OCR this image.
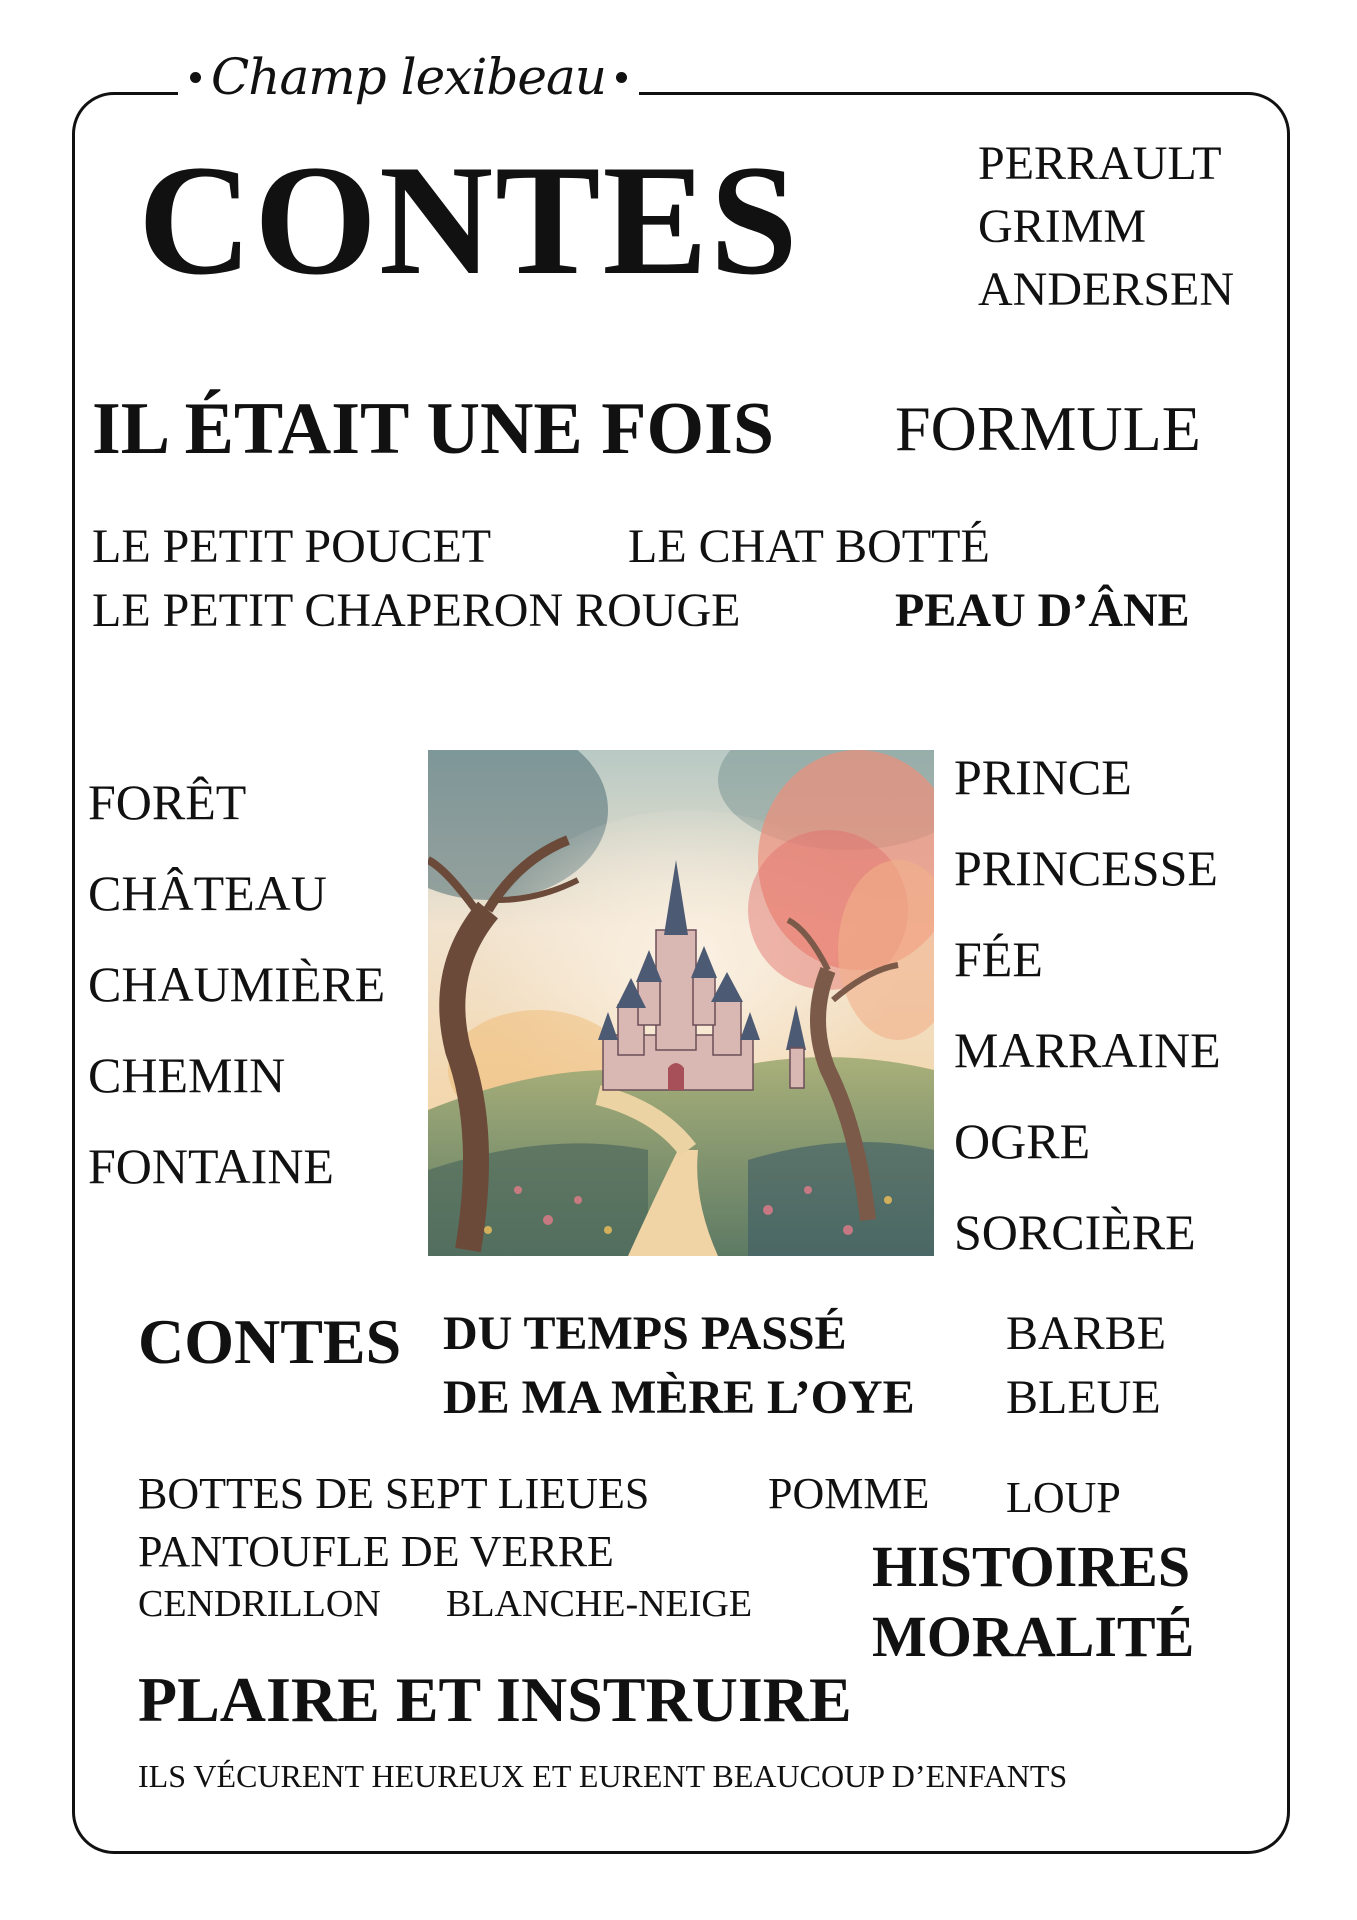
Champ lexibeau
CONTES	PERRAULT
GRIMM
ANDERSEN
IL ÉTAIT UNE FOIS FORMULE
LE PETIT POUCET	LE CHAT BOTTÉ
LE PETIT CHAPERON ROUGE	PEAU D’ÂNE
FORÊT
CHÂTEAU
CHAUMIÈRE
CHEMIN
FONTAINE
PRINCE
PRINCESSE
FÉE
MARRAINE
OGRE
SORCIÈRE
CONTES DU TEMPS PASSÉ
DE MA MÈRE L’OYE
BARBE
BLEUE
BOTTES DE SEPT LIEUES	POMME LOUP
PANTOUFLE DE VERRE
CENDRILLON BLANCHE-NEIGE
HISTOIRES
MORALITÉ
PLAIRE ET INSTRUIRE
ILS VÉCURENT HEUREUX ET EURENT BEAUCOUP D’ENFANTS
